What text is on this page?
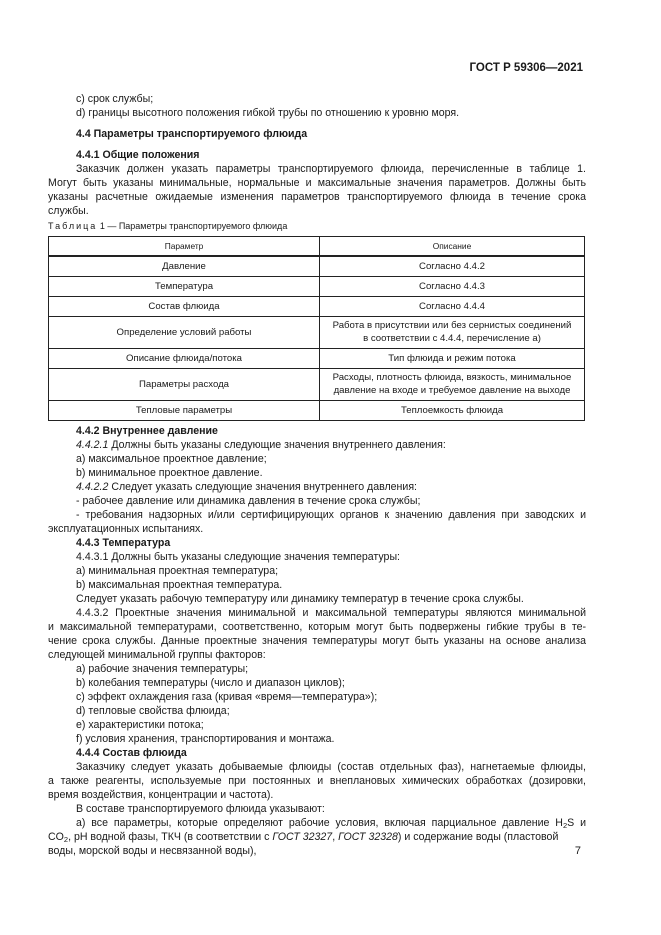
ГОСТ Р 59306—2021
c) срок службы;
d) границы высотного положения гибкой трубы по отношению к уровню моря.
4.4 Параметры транспортируемого флюида
4.4.1 Общие положения
Заказчик должен указать параметры транспортируемого флюида, перечисленные в таблице 1.
Могут быть указаны минимальные, нормальные и максимальные значения параметров. Должны быть
указаны расчетные ожидаемые изменения параметров транспортируемого флюида в течение срока
службы.
Таблица 1 — Параметры транспортируемого флюида
Параметр	Описание
Давление	Согласно 4.4.2
Температура	Согласно 4.4.3
Состав флюида	Согласно 4.4.4
Определение условий работы	Работа в присутствии или без сернистых соединений
в соответствии с 4.4.4, перечисление a)

Описание флюида/потока	Тип флюида и режим потока
Параметры расхода	Расходы, плотность флюида, вязкость, минимальное
давление на входе и требуемое давление на выходе

Тепловые параметры	Теплоемкость флюида
4.4.2 Внутреннее давление
4.4.2.1 Должны быть указаны следующие значения внутреннего давления:
a) максимальное проектное давление;
b) минимальное проектное давление.
4.4.2.2 Следует указать следующие значения внутреннего давления:
- рабочее давление или динамика давления в течение срока службы;
- требования надзорных и/или сертифицирующих органов к значению давления при заводских и
эксплуатационных испытаниях.
4.4.3 Температура
4.4.3.1 Должны быть указаны следующие значения температуры:
a) минимальная проектная температура;
b) максимальная проектная температура.
Следует указать рабочую температуру или динамику температур в течение срока службы.
4.4.3.2 Проектные значения минимальной и максимальной температуры являются минимальной
и максимальной температурами, соответственно, которым могут быть подвержены гибкие трубы в те-
чение срока службы. Данные проектные значения температуры могут быть указаны на основе анализа
следующей минимальной группы факторов:
a) рабочие значения температуры;
b) колебания температуры (число и диапазон циклов);
c) эффект охлаждения газа (кривая «время—температура»);
d) тепловые свойства флюида;
e) характеристики потока;
f) условия хранения, транспортирования и монтажа.
4.4.4 Состав флюида
Заказчику следует указать добываемые флюиды (состав отдельных фаз), нагнетаемые флюиды,
а также реагенты, используемые при постоянных и внеплановых химических обработках (дозировки,
время воздействия, концентрации и частота).
В составе транспортируемого флюида указывают:
a) все параметры, которые определяют рабочие условия, включая парциальное давление $H_2S$ и
$CO_2$, pH водной фазы, ТКЧ (в соответствии с ГОСТ 32327, ГОСТ 32328) и содержание воды (пластовой
воды, морской воды и несвязанной воды),	7
